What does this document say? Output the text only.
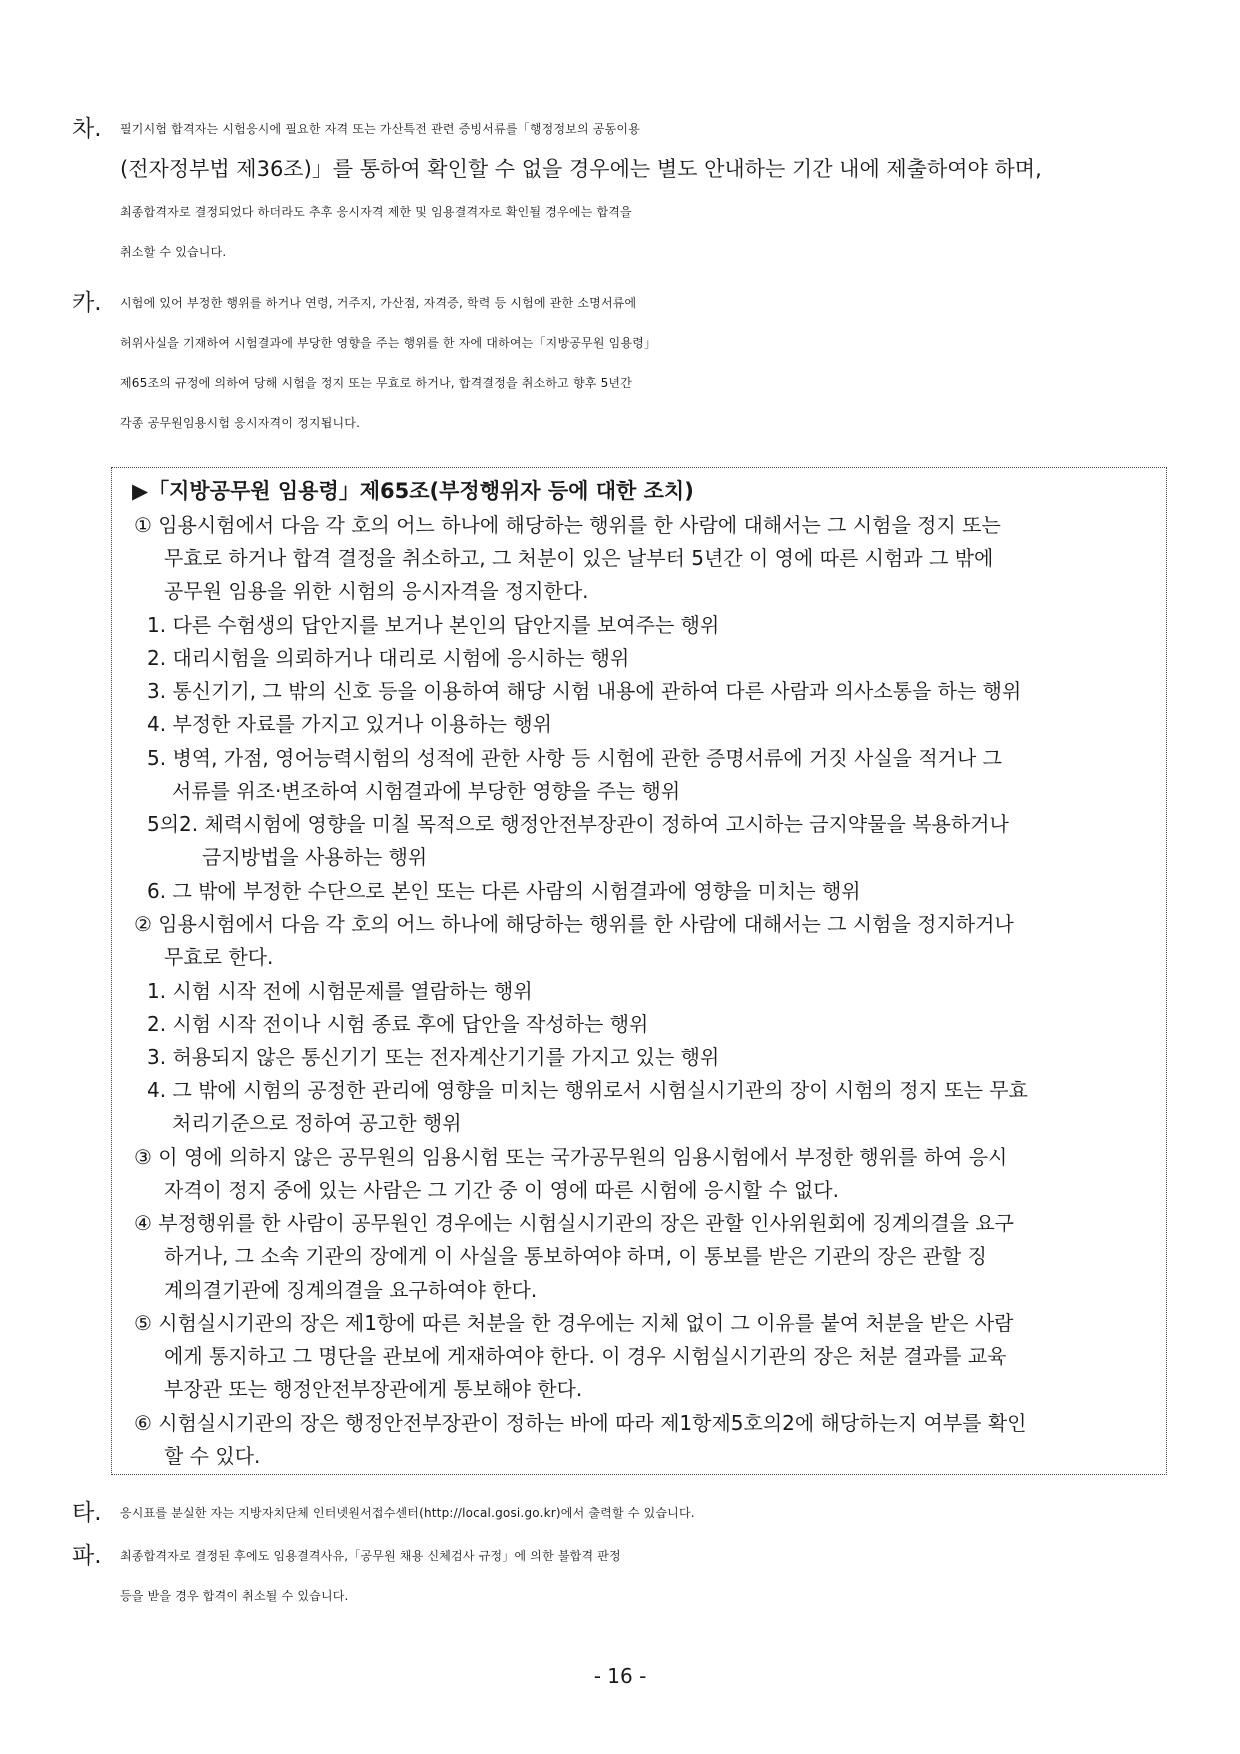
차.	필기시험 합격자는 시험응시에 필요한 자격 또는 가산특전 관련 증빙서류를「행정정보의 공동이용
(전자정부법 제36조)」를 통하여 확인할 수 없을 경우에는 별도 안내하는 기간 내에 제출하여야 하며,
최종합격자로 결정되었다 하더라도 추후 응시자격 제한 및 임용결격자로 확인될 경우에는 합격을
취소할 수 있습니다.
카.	시험에 있어 부정한 행위를 하거나 연령, 거주지, 가산점, 자격증, 학력 등 시험에 관한 소명서류에
허위사실을 기재하여 시험결과에 부당한 영향을 주는 행위를 한 자에 대하여는「지방공무원 임용령」
제65조의 규정에 의하여 당해 시험을 정지 또는 무효로 하거나, 합격결정을 취소하고 향후 5년간
각종 공무원임용시험 응시자격이 정지됩니다.
▶「지방공무원 임용령」제65조(부정행위자 등에 대한 조치)
① 임용시험에서 다음 각 호의 어느 하나에 해당하는 행위를 한 사람에 대해서는 그 시험을 정지 또는
무효로 하거나 합격 결정을 취소하고, 그 처분이 있은 날부터 5년간 이 영에 따른 시험과 그 밖에
공무원 임용을 위한 시험의 응시자격을 정지한다.
1. 다른 수험생의 답안지를 보거나 본인의 답안지를 보여주는 행위
2. 대리시험을 의뢰하거나 대리로 시험에 응시하는 행위
3. 통신기기, 그 밖의 신호 등을 이용하여 해당 시험 내용에 관하여 다른 사람과 의사소통을 하는 행위
4. 부정한 자료를 가지고 있거나 이용하는 행위
5. 병역, 가점, 영어능력시험의 성적에 관한 사항 등 시험에 관한 증명서류에 거짓 사실을 적거나 그
서류를 위조·변조하여 시험결과에 부당한 영향을 주는 행위
5의2. 체력시험에 영향을 미칠 목적으로 행정안전부장관이 정하여 고시하는 금지약물을 복용하거나
금지방법을 사용하는 행위
6. 그 밖에 부정한 수단으로 본인 또는 다른 사람의 시험결과에 영향을 미치는 행위
② 임용시험에서 다음 각 호의 어느 하나에 해당하는 행위를 한 사람에 대해서는 그 시험을 정지하거나
무효로 한다.
1. 시험 시작 전에 시험문제를 열람하는 행위
2. 시험 시작 전이나 시험 종료 후에 답안을 작성하는 행위
3. 허용되지 않은 통신기기 또는 전자계산기기를 가지고 있는 행위
4. 그 밖에 시험의 공정한 관리에 영향을 미치는 행위로서 시험실시기관의 장이 시험의 정지 또는 무효
처리기준으로 정하여 공고한 행위
③ 이 영에 의하지 않은 공무원의 임용시험 또는 국가공무원의 임용시험에서 부정한 행위를 하여 응시
자격이 정지 중에 있는 사람은 그 기간 중 이 영에 따른 시험에 응시할 수 없다.
④ 부정행위를 한 사람이 공무원인 경우에는 시험실시기관의 장은 관할 인사위원회에 징계의결을 요구
하거나, 그 소속 기관의 장에게 이 사실을 통보하여야 하며, 이 통보를 받은 기관의 장은 관할 징
계의결기관에 징계의결을 요구하여야 한다.
⑤ 시험실시기관의 장은 제1항에 따른 처분을 한 경우에는 지체 없이 그 이유를 붙여 처분을 받은 사람
에게 통지하고 그 명단을 관보에 게재하여야 한다. 이 경우 시험실시기관의 장은 처분 결과를 교육
부장관 또는 행정안전부장관에게 통보해야 한다.
⑥ 시험실시기관의 장은 행정안전부장관이 정하는 바에 따라 제1항제5호의2에 해당하는지 여부를 확인
할 수 있다.
타.	응시표를 분실한 자는 지방자치단체 인터넷원서접수센터(http://local.gosi.go.kr)에서 출력할 수 있습니다.
파.	최종합격자로 결정된 후에도 임용결격사유,「공무원 채용 신체검사 규정」에 의한 불합격 판정
등을 받을 경우 합격이 취소될 수 있습니다.
- 16 -
